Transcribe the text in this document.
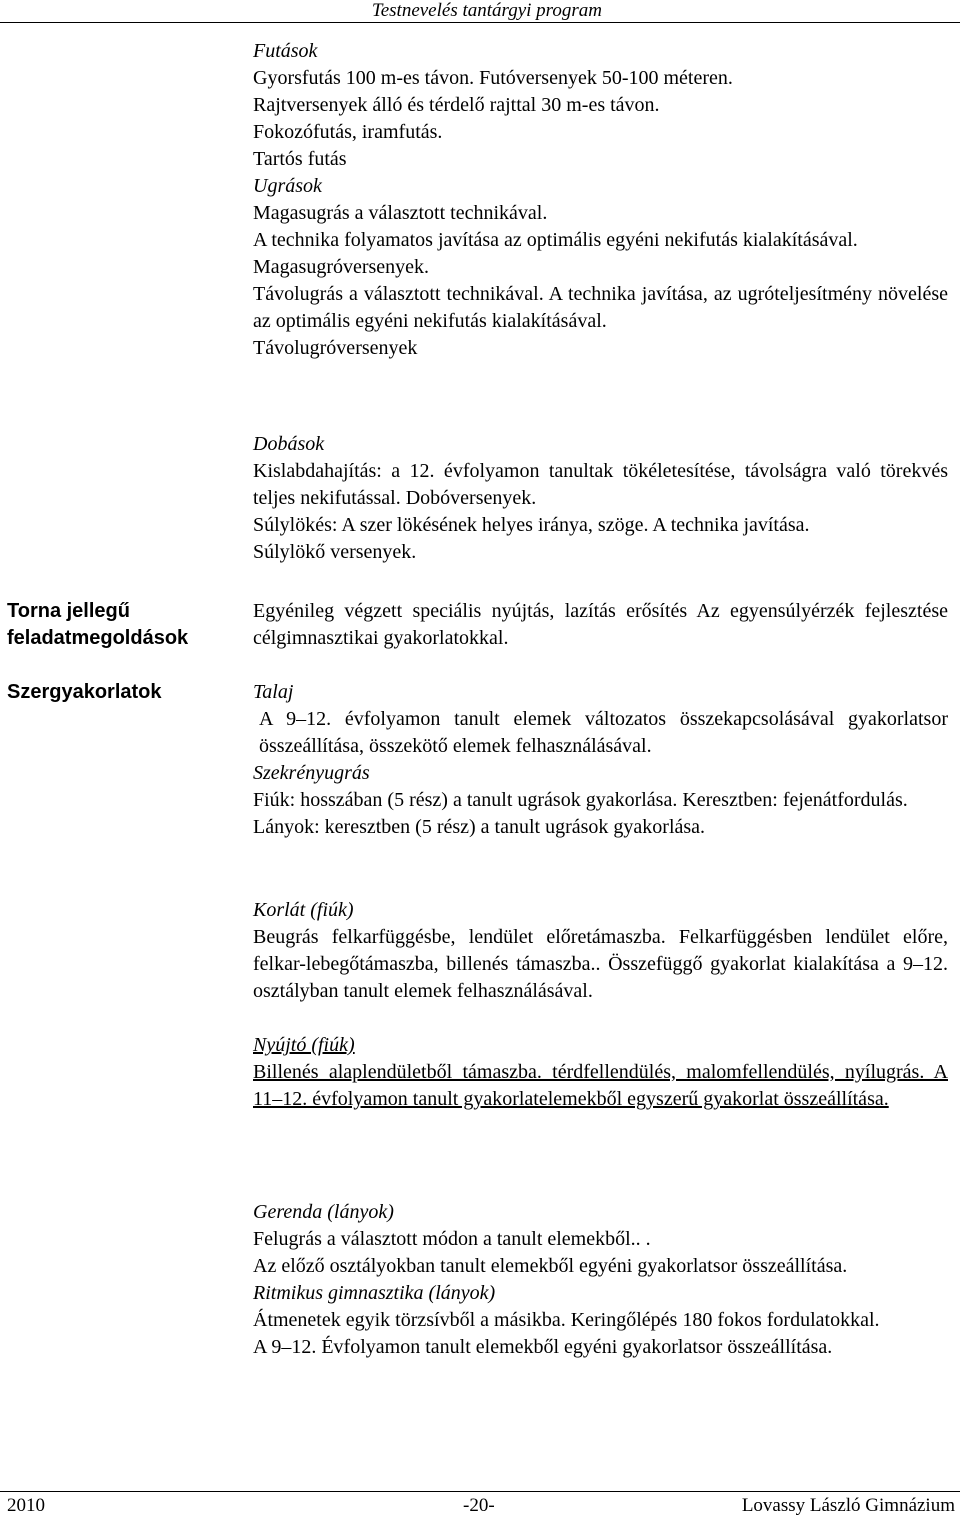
Testnevelés tantárgyi program

Futások

Gyorsfutás 100 m-es távon. Futóversenyek 50-100 méteren.

Rajtversenyek álló és térdelő rajttal 30 m-es távon.

Fokozófutás, iramfutás.

Tartós futás

Ugrások

Magasugrás a választott technikával.

A technika folyamatos javítása az optimális egyéni nekifutás kialakításával.

Magasugróversenyek.

Távolugrás a választott technikával. A technika javítása, az ugróteljesítmény növelése az optimális egyéni nekifutás kialakításával.

Távolugróversenyek

Dobások

Kislabdahajítás: a 12. évfolyamon tanultak tökéletesítése, távolságra való törekvés teljes nekifutással. Dobóversenyek.

Súlylökés: A szer lökésének helyes iránya, szöge. A technika javítása.

Súlylökő versenyek.

Torna jellegű feladatmegoldások

Egyénileg végzett speciális nyújtás, lazítás erősítés Az egyensúlyérzék fejlesztése célgimnasztikai gyakorlatokkal.

Szergyakorlatok	Talaj

A 9–12. évfolyamon tanult elemek változatos összekapcsolásával gyakorlatsor összeállítása, összekötő elemek felhasználásával.

Szekrényugrás

Fiúk: hosszában (5 rész) a tanult ugrások gyakorlása. Keresztben: fejenátfordulás.

Lányok: keresztben (5 rész) a tanult ugrások gyakorlása.

Korlát (fiúk)

Beugrás felkarfüggésbe, lendület előretámaszba. Felkarfüggésben lendület előre, felkar-lebegőtámaszba, billenés támaszba.. Összefüggő gyakorlat kialakítása a 9–12. osztályban tanult elemek felhasználásával.

Nyújtó (fiúk)

Billenés alaplendületből támaszba. térdfellendülés, malomfellendülés, nyílugrás. A 11–12. évfolyamon tanult gyakorlatelemekből egyszerű gyakorlat összeállítása.

Gerenda (lányok)

Felugrás a választott módon a tanult elemekből.. .

Az előző osztályokban tanult elemekből egyéni gyakorlatsor összeállítása.

Ritmikus gimnasztika (lányok)

Átmenetek egyik törzsívből a másikba. Keringőlépés 180 fokos fordulatokkal.

A 9–12. Évfolyamon tanult elemekből egyéni gyakorlatsor összeállítása.

2010	-20-	Lovassy László Gimnázium
